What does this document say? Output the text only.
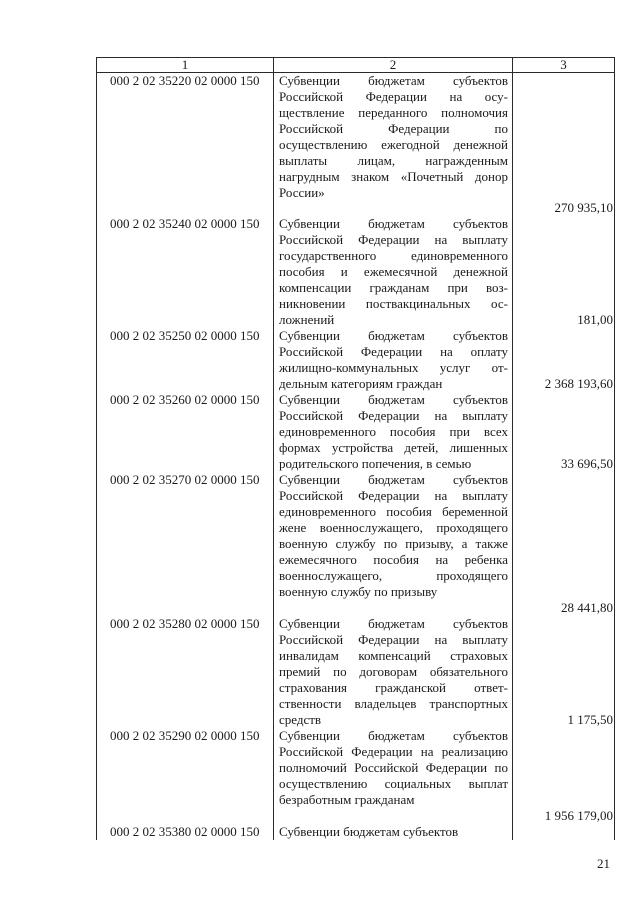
1	2	3
000 2 02 35220 02 0000 150	Субвенции бюджетам субъектов Российской Федерации на осуществление переданного полномочия Российской Федерации по осуществлению ежегодной денежной выплаты лицам, награжденным нагрудным знаком «Почетный донор России»	270 935,10
000 2 02 35240 02 0000 150	Субвенции бюджетам субъектов Российской Федерации на выплату государственного единовременного пособия и ежемесячной денежной компенсации гражданам при возникновении поствакцинальных осложнений	181,00
000 2 02 35250 02 0000 150	Субвенции бюджетам субъектов Российской Федерации на оплату жилищно-коммунальных услуг отдельным категориям граждан	2 368 193,60
000 2 02 35260 02 0000 150	Субвенции бюджетам субъектов Российской Федерации на выплату единовременного пособия при всех формах устройства детей, лишенных родительского попечения, в семью	33 696,50
000 2 02 35270 02 0000 150	Субвенции бюджетам субъектов Российской Федерации на выплату единовременного пособия беременной жене военнослужащего, проходящего военную службу по призыву, а также ежемесячного пособия на ребенка военнослужащего, проходящего военную службу по призыву	28 441,80
000 2 02 35280 02 0000 150	Субвенции бюджетам субъектов Российской Федерации на выплату инвалидам компенсаций страховых премий по договорам обязательного страхования гражданской ответственности владельцев транспортных средств	1 175,50
000 2 02 35290 02 0000 150	Субвенции бюджетам субъектов Российской Федерации на реализацию полномочий Российской Федерации по осуществлению социальных выплат безработным гражданам	1 956 179,00
000 2 02 35380 02 0000 150	Субвенции бюджетам субъектов	
21
